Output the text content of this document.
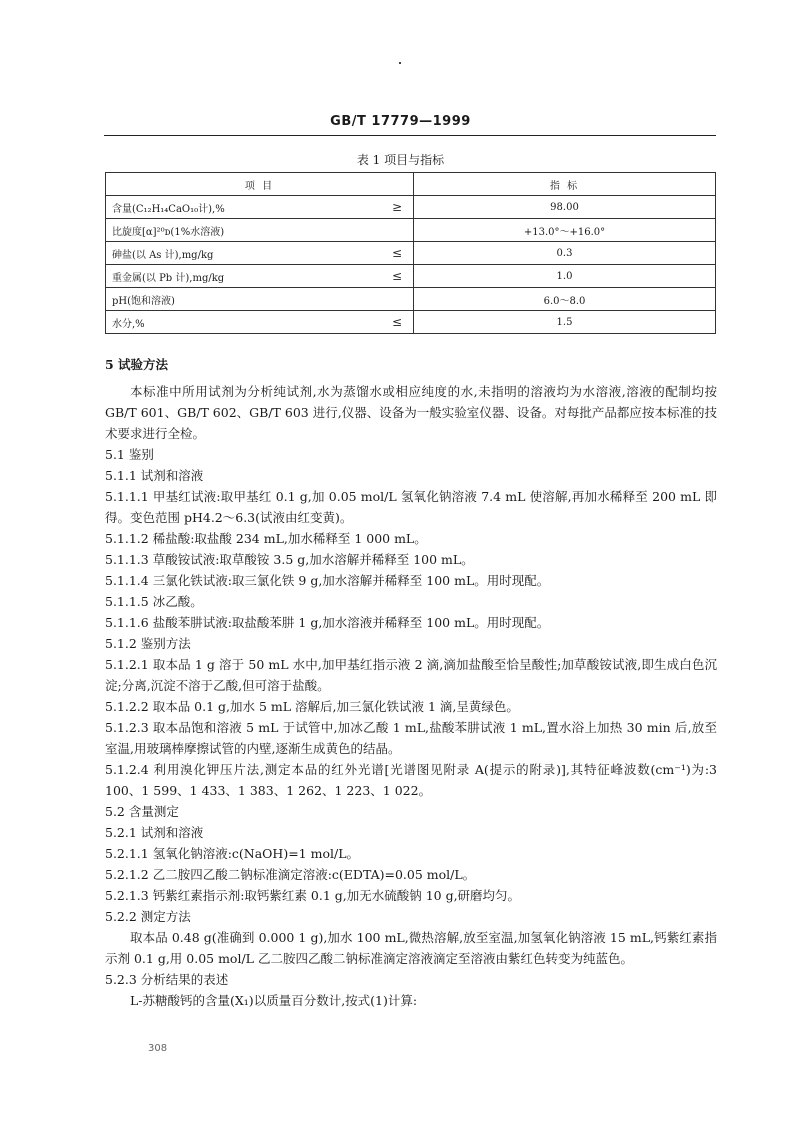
GB/T 17779—1999
表 1 项目与指标
项 目		指 标
含量(C₁₂H₁₄CaO₁₀计),%	≥	98.00
比旋度[α]²⁰ᴅ(1%水溶液)		+13.0°～+16.0°
砷盐(以 As 计),mg/kg	≤	0.3
重金属(以 Pb 计),mg/kg	≤	1.0
pH(饱和溶液)		6.0～8.0
水分,%	≤	1.5

5 试验方法

本标准中所用试剂为分析纯试剂,水为蒸馏水或相应纯度的水,未指明的溶液均为水溶液,溶液的配制均按 GB/T 601、GB/T 602、GB/T 603 进行,仪器、设备为一般实验室仪器、设备。对每批产品都应按本标准的技术要求进行全检。

5.1 鉴别

5.1.1 试剂和溶液

5.1.1.1 甲基红试液:取甲基红 0.1 g,加 0.05 mol/L 氢氧化钠溶液 7.4 mL 使溶解,再加水稀释至 200 mL 即得。变色范围 pH4.2～6.3(试液由红变黄)。

5.1.1.2 稀盐酸:取盐酸 234 mL,加水稀释至 1 000 mL。

5.1.1.3 草酸铵试液:取草酸铵 3.5 g,加水溶解并稀释至 100 mL。

5.1.1.4 三氯化铁试液:取三氯化铁 9 g,加水溶解并稀释至 100 mL。用时现配。

5.1.1.5 冰乙酸。

5.1.1.6 盐酸苯肼试液:取盐酸苯肼 1 g,加水溶液并稀释至 100 mL。用时现配。

5.1.2 鉴别方法

5.1.2.1 取本品 1 g 溶于 50 mL 水中,加甲基红指示液 2 滴,滴加盐酸至恰呈酸性;加草酸铵试液,即生成白色沉淀;分离,沉淀不溶于乙酸,但可溶于盐酸。

5.1.2.2 取本品 0.1 g,加水 5 mL 溶解后,加三氯化铁试液 1 滴,呈黄绿色。

5.1.2.3 取本品饱和溶液 5 mL 于试管中,加冰乙酸 1 mL,盐酸苯肼试液 1 mL,置水浴上加热 30 min 后,放至室温,用玻璃棒摩擦试管的内壁,逐渐生成黄色的结晶。

5.1.2.4 利用溴化钾压片法,测定本品的红外光谱[光谱图见附录 A(提示的附录)],其特征峰波数(cm⁻¹)为:3 100、1 599、1 433、1 383、1 262、1 223、1 022。

5.2 含量测定

5.2.1 试剂和溶液

5.2.1.1 氢氧化钠溶液:c(NaOH)=1 mol/L。

5.2.1.2 乙二胺四乙酸二钠标准滴定溶液:c(EDTA)=0.05 mol/L。

5.2.1.3 钙紫红素指示剂:取钙紫红素 0.1 g,加无水硫酸钠 10 g,研磨均匀。

5.2.2 测定方法

取本品 0.48 g(准确到 0.000 1 g),加水 100 mL,微热溶解,放至室温,加氢氧化钠溶液 15 mL,钙紫红素指示剂 0.1 g,用 0.05 mol/L 乙二胺四乙酸二钠标准滴定溶液滴定至溶液由紫红色转变为纯蓝色。

5.2.3 分析结果的表述

L-苏糖酸钙的含量(X₁)以质量百分数计,按式(1)计算:

308
